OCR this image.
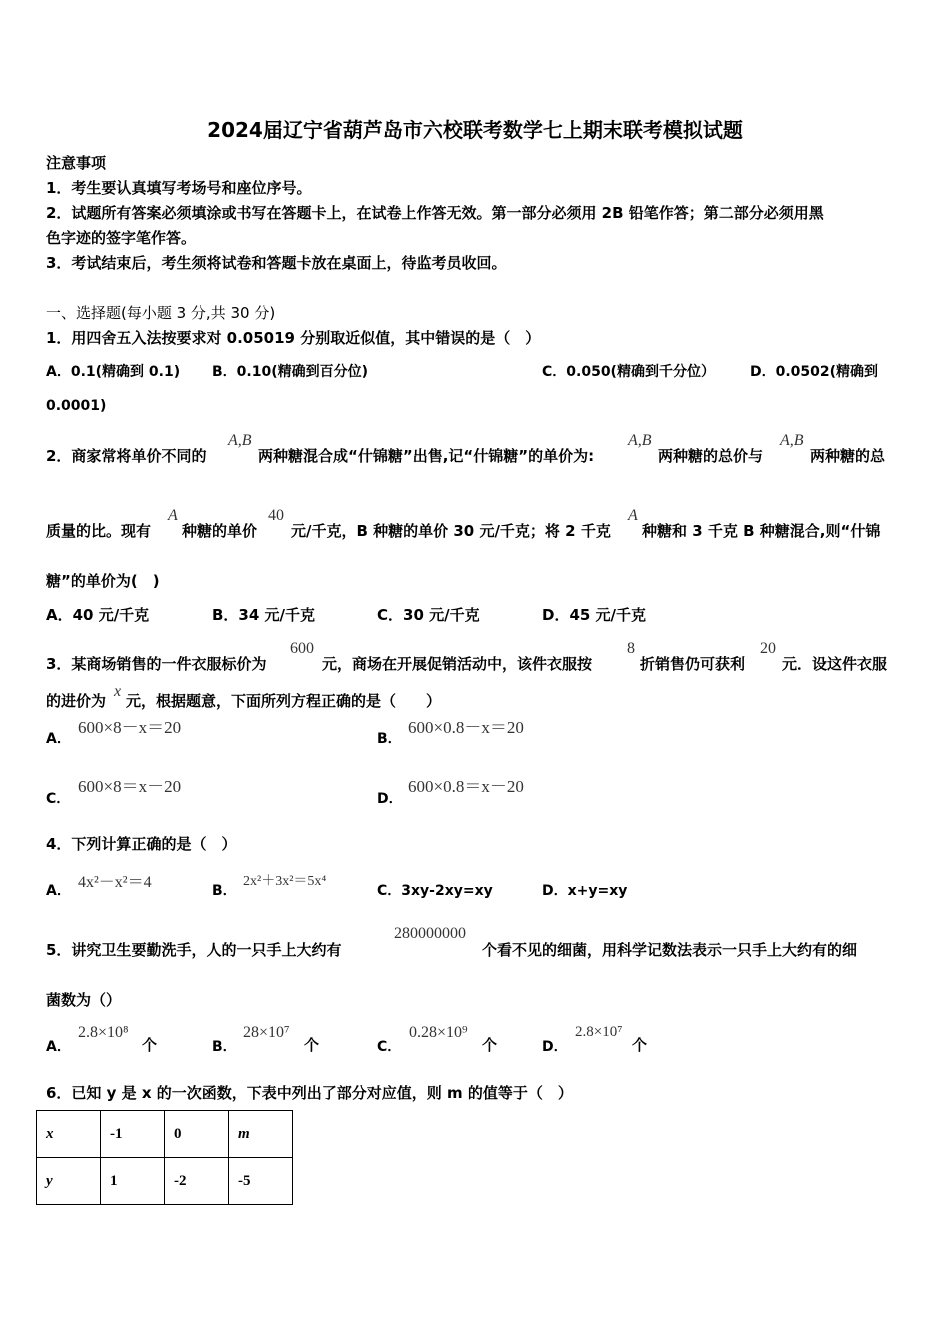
2024届辽宁省葫芦岛市六校联考数学七上期末联考模拟试题
注意事项
1．考生要认真填写考场号和座位序号。
2．试题所有答案必须填涂或书写在答题卡上，在试卷上作答无效。第一部分必须用 2B 铅笔作答；第二部分必须用黑
色字迹的签字笔作答。
3．考试结束后，考生须将试卷和答题卡放在桌面上，待监考员收回。
一、选择题(每小题 3 分,共 30 分)
1．用四舍五入法按要求对 0.05019 分别取近似值，其中错误的是（　）
A．0.1(精确到 0.1) B．0.10(精确到百分位)	C．0.050(精确到千分位）	D．0.0502(精确到
0.0001)
2．商家常将单价不同的
A,B
两种糖混合成“什锦糖”出售,记“什锦糖”的单价为:
A,B
两种糖的总价与
A,B
两种糖的总
质量的比。现有
A
种糖的单价
40
元/千克，B 种糖的单价 30 元/千克；将 2 千克
A
种糖和 3 千克 B 种糖混合,则“什锦
糖”的单价为(　)
A．40 元/千克	B．34 元/千克	C．30 元/千克	D．45 元/千克
3．某商场销售的一件衣服标价为
600
元，商场在开展促销活动中，该件衣服按
8
折销售仍可获利
20
元．设这件衣服
的进价为
x
元，根据题意，下面所列方程正确的是（　　）
A．
600×8－x＝20
B．
600×0.8－x＝20
C．
600×8＝x－20
D．
600×0.8＝x－20
4．下列计算正确的是（　）
A． 4x²－x²＝4	B．
2x²＋3x²＝5x⁴
C．3xy-2xy=xy	D．x+y=xy
5．讲究卫生要勤洗手，人的一只手上大约有
280000000
个看不见的细菌，用科学记数法表示一只手上大约有的细
菌数为（）
A．
2.8×10⁸
个	B．
28×10⁷
个	C．
0.28×10⁹
个	D．
2.8×10⁷
个
6．已知 y 是 x 的一次函数，下表中列出了部分对应值，则 m 的值等于（　）
x	-1	0	m
y	1	-2	-5
